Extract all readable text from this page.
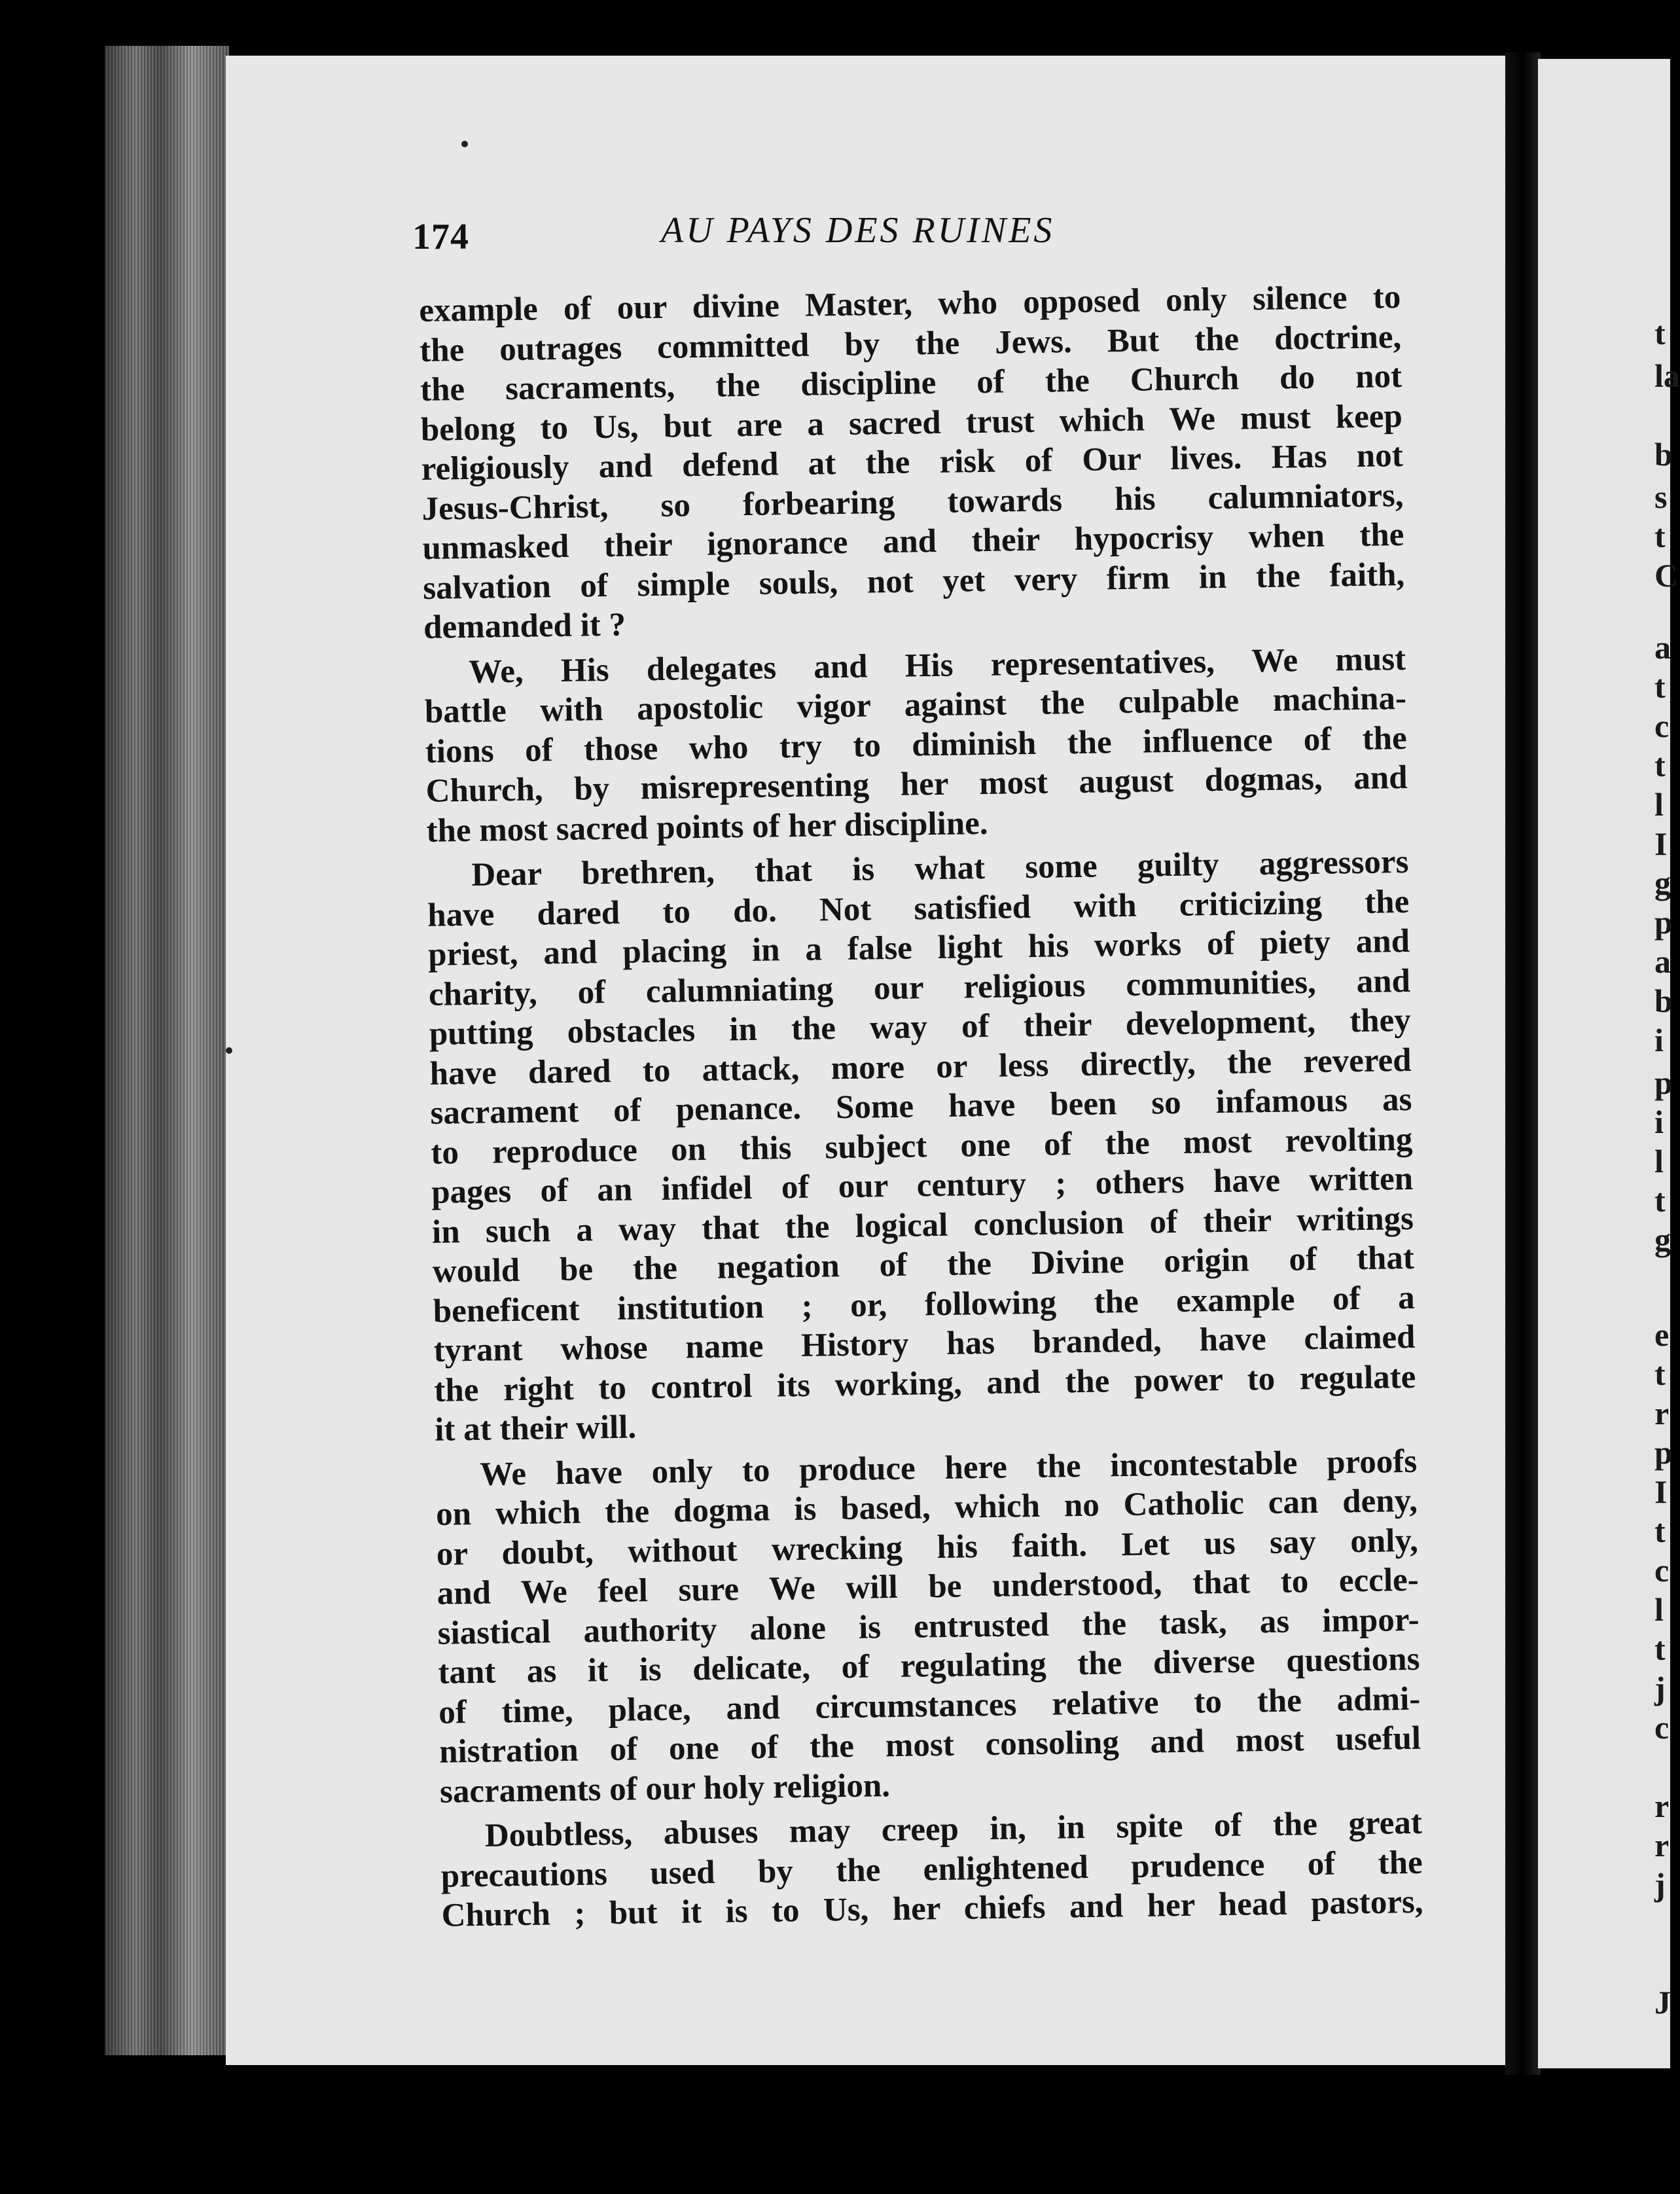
174	AU PAYS DES RUINES
example of our divine Master, who opposed only silence to
the outrages committed by the Jews. But the doctrine,
the sacraments, the discipline of the Church do not
belong to Us, but are a sacred trust which We must keep
religiously and defend at the risk of Our lives. Has not
Jesus-Christ, so forbearing towards his calumniators,
unmasked their ignorance and their hypocrisy when the
salvation of simple souls, not yet very firm in the faith,
demanded it ?
We, His delegates and His representatives, We must
battle with apostolic vigor against the culpable machina-
tions of those who try to diminish the influence of the
Church, by misrepresenting her most august dogmas, and
the most sacred points of her discipline.
Dear brethren, that is what some guilty aggressors
have dared to do. Not satisfied with criticizing the
priest, and placing in a false light his works of piety and
charity, of calumniating our religious communities, and
putting obstacles in the way of their development, they
have dared to attack, more or less directly, the revered
sacrament of penance. Some have been so infamous as
to reproduce on this subject one of the most revolting
pages of an infidel of our century ; others have written
in such a way that the logical conclusion of their writings
would be the negation of the Divine origin of that
beneficent institution ; or, following the example of a
tyrant whose name History has branded, have claimed
the right to control its working, and the power to regulate
it at their will.
We have only to produce here the incontestable proofs
on which the dogma is based, which no Catholic can deny,
or doubt, without wrecking his faith. Let us say only,
and We feel sure We will be understood, that to eccle-
siastical authority alone is entrusted the task, as impor-
tant as it is delicate, of regulating the diverse questions
of time, place, and circumstances relative to the admi-
nistration of one of the most consoling and most useful
sacraments of our holy religion.
Doubtless, abuses may creep in, in spite of the great
precautions used by the enlightened prudence of the
Church ; but it is to Us, her chiefs and her head pastors,
t
la
b
s
t
C
a
t
c
t
l
I
g
p
a
b
i
p
i
l
t
g
e
t
r
p
I
t
c
l
t
j
c
r
r
j
J
